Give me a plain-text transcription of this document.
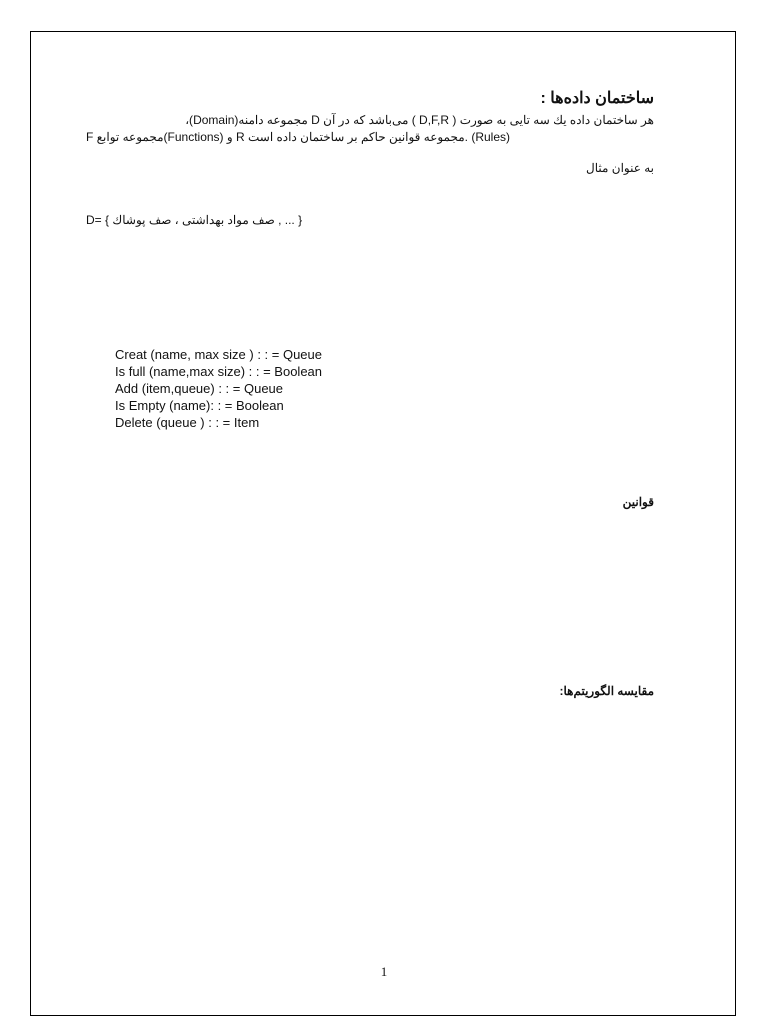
ساختمان داده‌ها :
هر ساختمان داده یك سه تایی به صورت ( D,F,R ) می‌باشد كه در آن D مجموعه دامنه(Domain)،
F مجموعه توابع(Functions) و R مجموعه قوانین حاكم بر ساختمان داده است. (Rules)
به عنوان مثال
D= { صف مواد بهداشتی ، صف پوشاك , ... }
Creat (name, max size ) : : = Queue
Is full (name,max size) : : = Boolean
Add (item,queue) : : = Queue
Is Empty (name): : = Boolean
Delete (queue ) : : = Item
قوانین
مقایسه الگوریتم‌ها:
1
